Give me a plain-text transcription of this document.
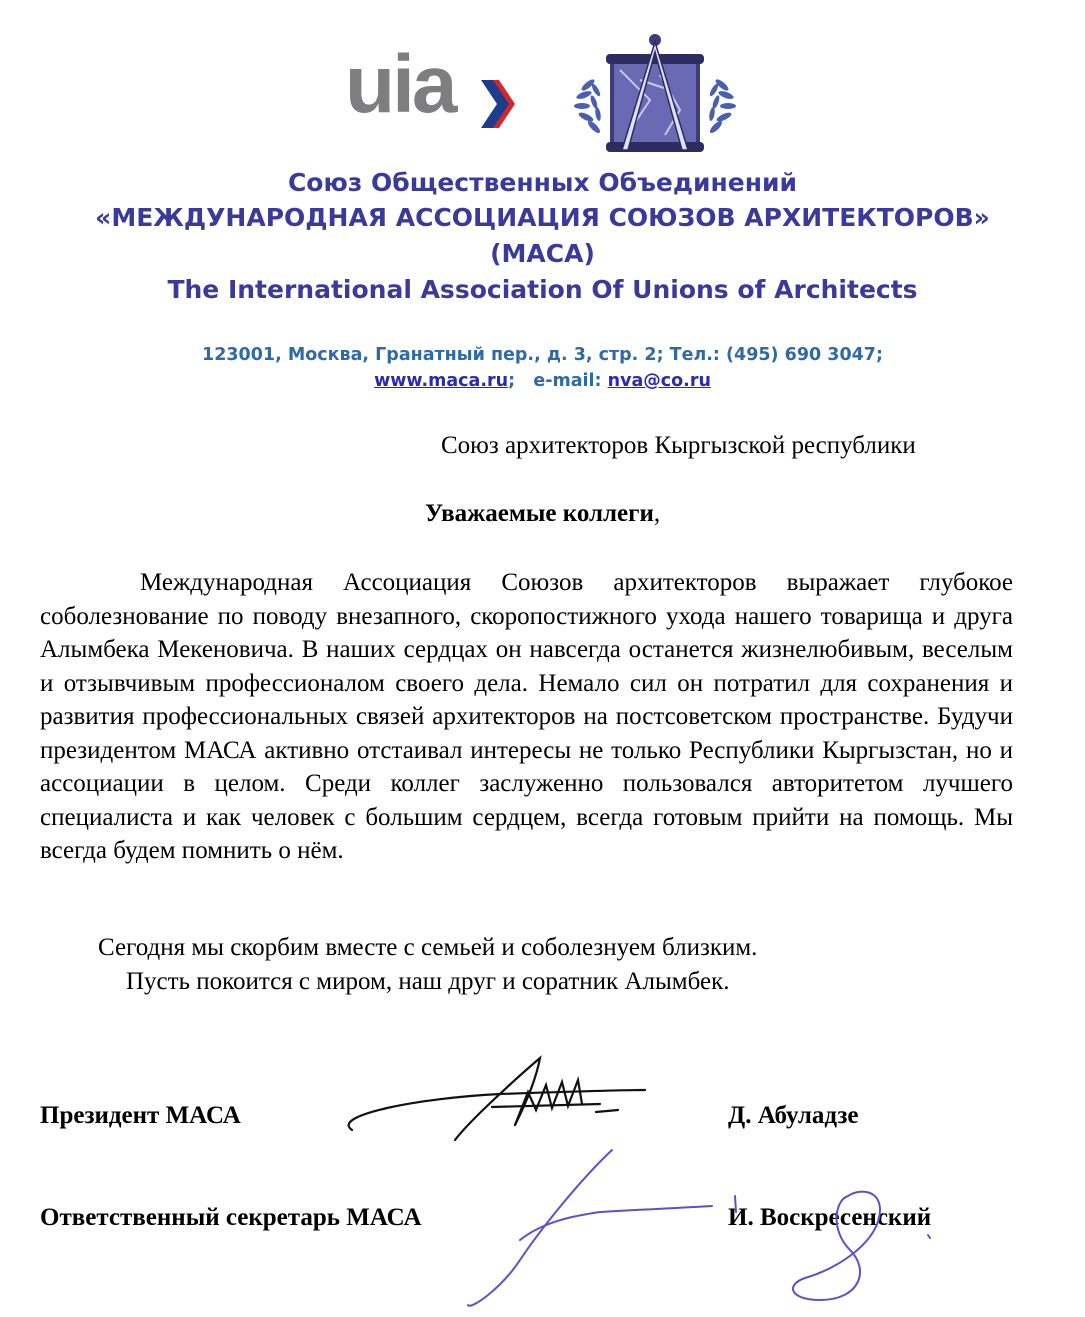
uia
Союз Общественных Объединений
«МЕЖДУНАРОДНАЯ АССОЦИАЦИЯ СОЮЗОВ АРХИТЕКТОРОВ»
(МАСА)
The International Association Of Unions of Architects
123001, Москва, Гранатный пер., д. 3, стр. 2; Тел.: (495) 690 3047;
www.maca.ru; e-mail: nva@co.ru
Союз архитекторов Кыргызской республики
Уважаемые коллеги,

Международная Ассоциация Союзов архитекторов выражает глубокое соболезнование по поводу внезапного, скоропостижного ухода нашего товарища и друга Алымбека Мекеновича. В наших сердцах он навсегда останется жизнелюбивым, веселым и отзывчивым профессионалом своего дела. Немало сил он потратил для сохранения и развития профессиональных связей архитекторов на постсоветском пространстве. Будучи президентом МАСА активно отстаивал интересы не только Республики Кыргызстан, но и ассоциации в целом. Среди коллег заслуженно пользовался авторитетом лучшего специалиста и как человек с большим сердцем, всегда готовым прийти на помощь. Мы всегда будем помнить о нём.

Сегодня мы скорбим вместе с семьей и соболезнуем близким.
Пусть покоится с миром, наш друг и соратник Алымбек.
Президент МАСА	Д. Абуладзе
Ответственный секретарь МАСА	И. Воскресенский
